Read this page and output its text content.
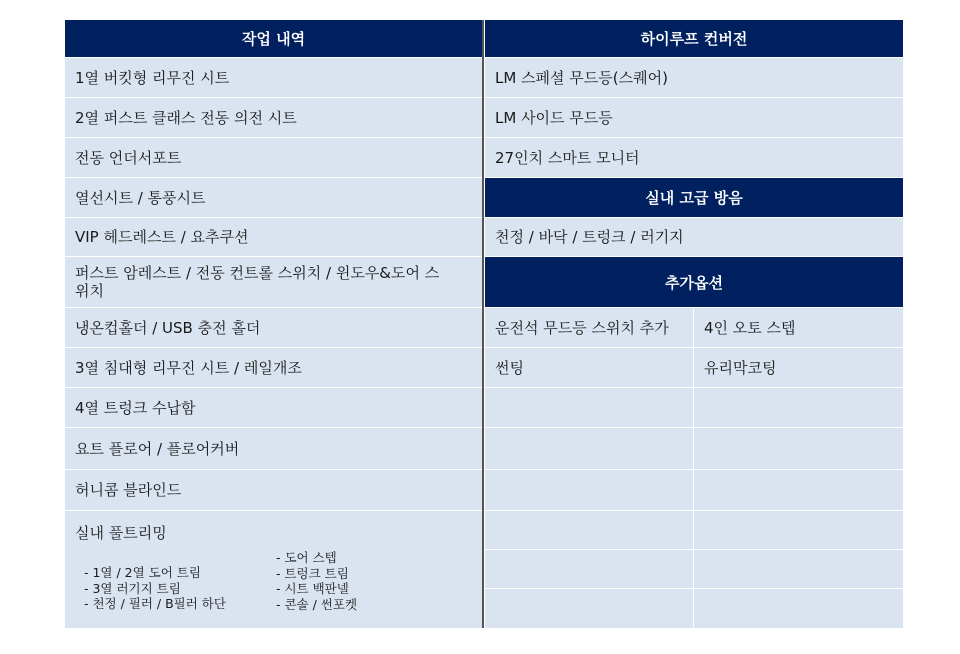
작업 내역
1열 버킷형 리무진 시트
2열 퍼스트 클래스 전동 의전 시트
전동 언더서포트
열선시트 / 통풍시트
VIP 헤드레스트 / 요추쿠션
퍼스트 암레스트 / 전동 컨트롤 스위치 / 윈도우&도어 스
위치
냉온컵홀더 / USB 충전 홀더
3열 침대형 리무진 시트 / 레일개조
4열 트렁크 수납함
요트 플로어 / 플로어커버
허니콤 블라인드
실내 풀트리밍
- 1열 / 2열 도어 트림
- 3열 러기지 트림
- 천정 / 필러 / B필러 하단
- 도어 스텝
- 트렁크 트림
- 시트 백판넬
- 콘솔 / 썬포켓
하이루프 컨버전
LM 스페셜 무드등(스퀘어)
LM 사이드 무드등
27인치 스마트 모니터
실내 고급 방음
천정 / 바닥 / 트렁크 / 러기지
추가옵션
운전석 무드등 스위치 추가 4인 오토 스텝
썬팅	유리막코팅
